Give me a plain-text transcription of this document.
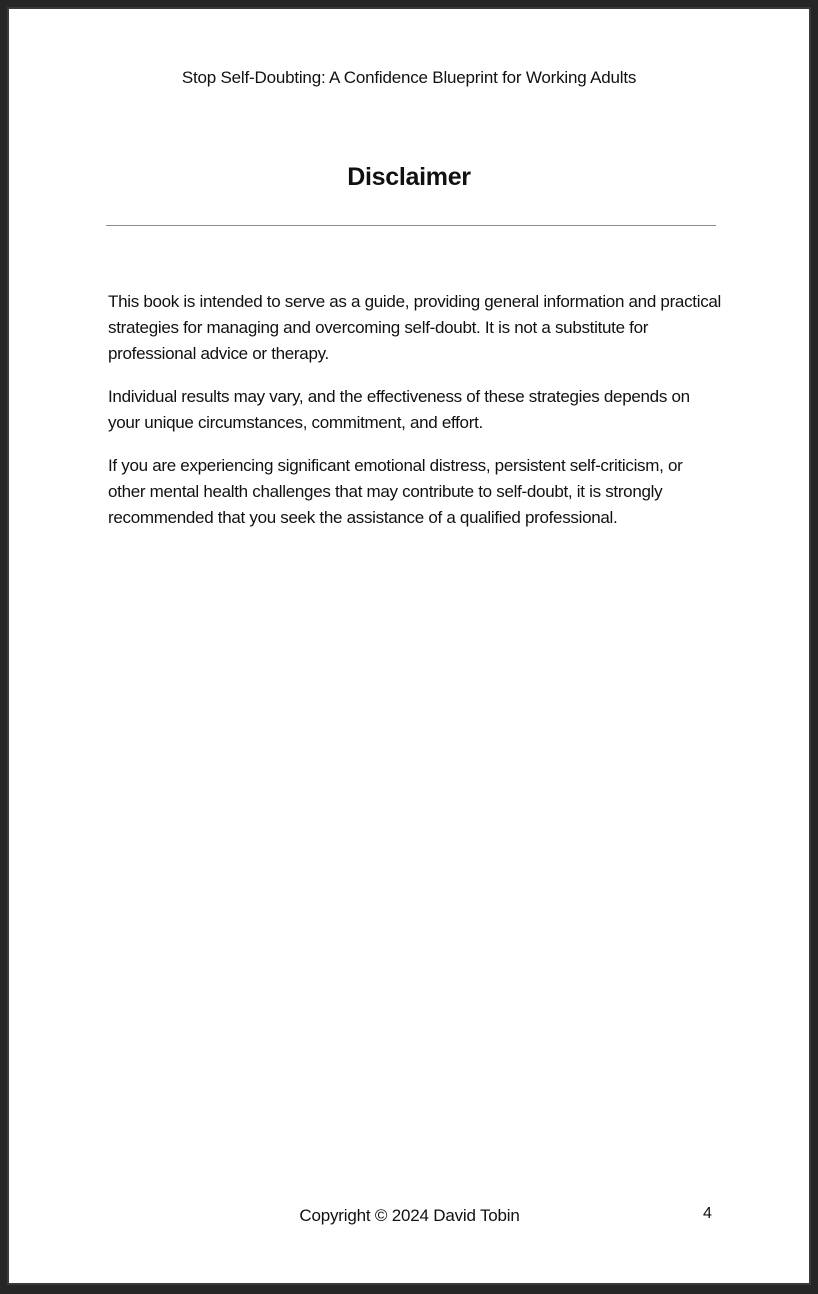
Stop Self-Doubting: A Confidence Blueprint for Working Adults
Disclaimer

This book is intended to serve as a guide, providing general information and practical strategies for managing and overcoming self-doubt. It is not a substitute for professional advice or therapy.

Individual results may vary, and the effectiveness of these strategies depends on your unique circumstances, commitment, and effort.

If you are experiencing significant emotional distress, persistent self-criticism, or other mental health challenges that may contribute to self-doubt, it is strongly recommended that you seek the assistance of a qualified professional.

Copyright © 2024 David Tobin	4
